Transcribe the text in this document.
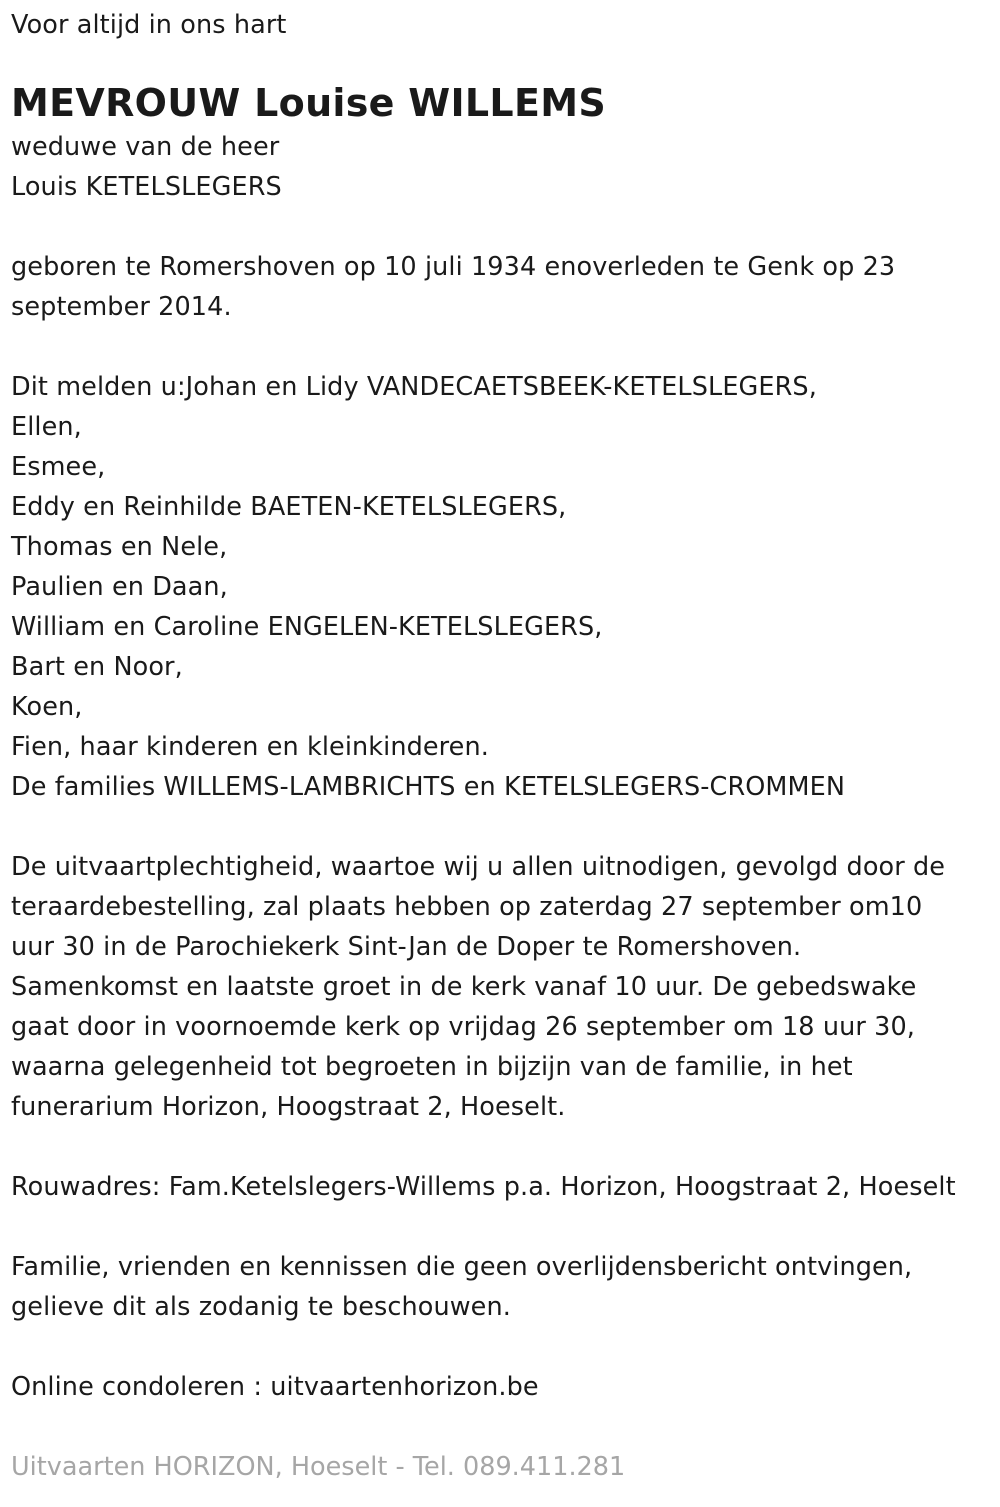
Voor altijd in ons hart
MEVROUW Louise WILLEMS
weduwe van de heer
Louis KETELSLEGERS
geboren te Romershoven op 10 juli 1934 enoverleden te Genk op 23
september 2014.
Dit melden u:Johan en Lidy VANDECAETSBEEK-KETELSLEGERS,
Ellen,
Esmee,
Eddy en Reinhilde BAETEN-KETELSLEGERS,
Thomas en Nele,
Paulien en Daan,
William en Caroline ENGELEN-KETELSLEGERS,
Bart en Noor,
Koen,
Fien, haar kinderen en kleinkinderen.
De families WILLEMS-LAMBRICHTS en KETELSLEGERS-CROMMEN
De uitvaartplechtigheid, waartoe wij u allen uitnodigen, gevolgd door de
teraardebestelling, zal plaats hebben op zaterdag 27 september om10
uur 30 in de Parochiekerk Sint-Jan de Doper te Romershoven.
Samenkomst en laatste groet in de kerk vanaf 10 uur. De gebedswake
gaat door in voornoemde kerk op vrijdag 26 september om 18 uur 30,
waarna gelegenheid tot begroeten in bijzijn van de familie, in het
funerarium Horizon, Hoogstraat 2, Hoeselt.
Rouwadres: Fam.Ketelslegers-Willems p.a. Horizon, Hoogstraat 2, Hoeselt
Familie, vrienden en kennissen die geen overlijdensbericht ontvingen,
gelieve dit als zodanig te beschouwen.
Online condoleren : uitvaartenhorizon.be
Uitvaarten HORIZON, Hoeselt - Tel. 089.411.281
